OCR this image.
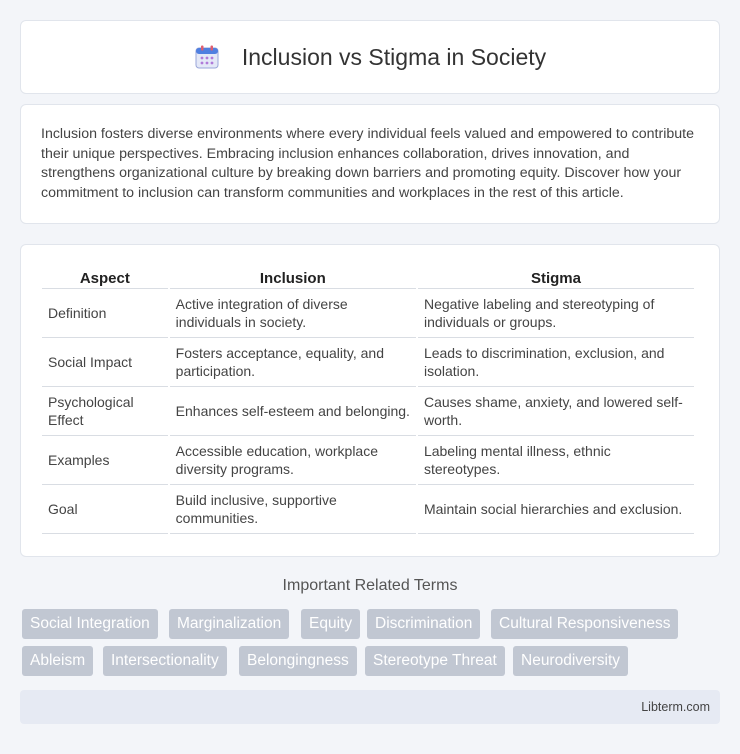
Inclusion vs Stigma in Society

Inclusion fosters diverse environments where every individual feels valued and empowered to contribute their unique perspectives. Embracing inclusion enhances collaboration, drives innovation, and strengthens organizational culture by breaking down barriers and promoting equity. Discover how your commitment to inclusion can transform communities and workplaces in the rest of this article.

Aspect	Inclusion	Stigma
Definition	Active integration of diverse individuals in society.	Negative labeling and stereotyping of individuals or groups.
Social Impact	Fosters acceptance, equality, and participation.	Leads to discrimination, exclusion, and isolation.
Psychological Effect	Enhances self-esteem and belonging.	Causes shame, anxiety, and lowered self-worth.
Examples	Accessible education, workplace diversity programs.	Labeling mental illness, ethnic stereotypes.
Goal	Build inclusive, supportive communities.	Maintain social hierarchies and exclusion.
Important Related Terms
Social Integration	Marginalization	Equity	Discrimination	Cultural Responsiveness
Ableism	Intersectionality	Belongingness	Stereotype Threat	Neurodiversity
Libterm.com
